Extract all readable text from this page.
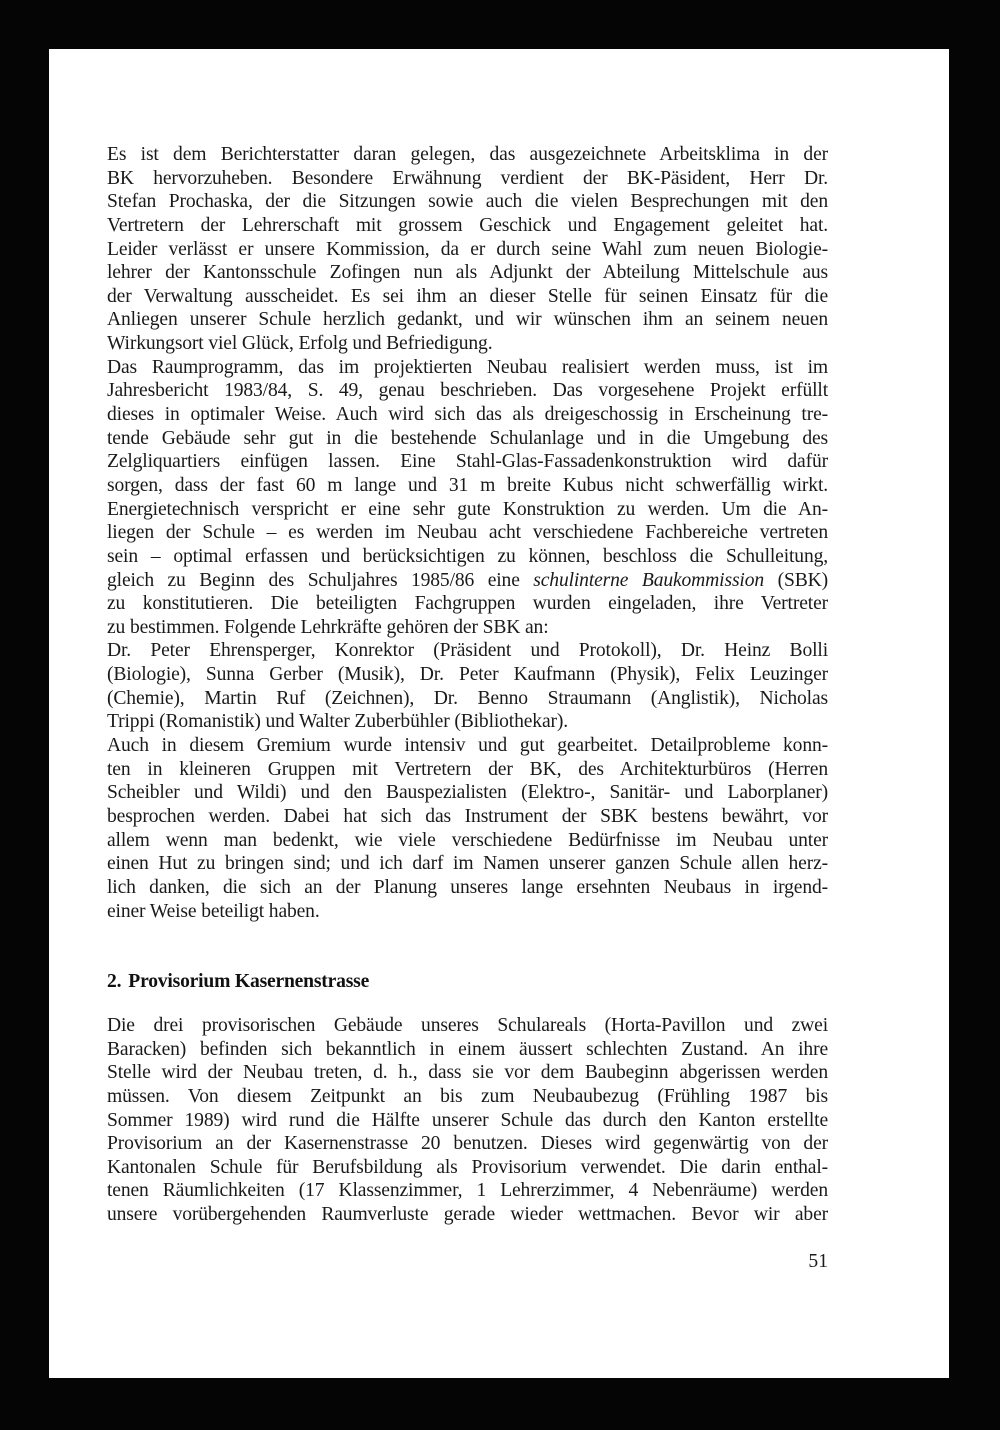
Es ist dem Berichterstatter daran gelegen, das ausgezeichnete Arbeitsklima in der
BK hervorzuheben. Besondere Erwähnung verdient der BK-Päsident, Herr Dr.
Stefan Prochaska, der die Sitzungen sowie auch die vielen Besprechungen mit den
Vertretern der Lehrerschaft mit grossem Geschick und Engagement geleitet hat.
Leider verlässt er unsere Kommission, da er durch seine Wahl zum neuen Biologie-
lehrer der Kantonsschule Zofingen nun als Adjunkt der Abteilung Mittelschule aus
der Verwaltung ausscheidet. Es sei ihm an dieser Stelle für seinen Einsatz für die
Anliegen unserer Schule herzlich gedankt, und wir wünschen ihm an seinem neuen
Wirkungsort viel Glück, Erfolg und Befriedigung.
Das Raumprogramm, das im projektierten Neubau realisiert werden muss, ist im
Jahresbericht 1983/84, S. 49, genau beschrieben. Das vorgesehene Projekt erfüllt
dieses in optimaler Weise. Auch wird sich das als dreigeschossig in Erscheinung tre-
tende Gebäude sehr gut in die bestehende Schulanlage und in die Umgebung des
Zelgliquartiers einfügen lassen. Eine Stahl-Glas-Fassadenkonstruktion wird dafür
sorgen, dass der fast 60 m lange und 31 m breite Kubus nicht schwerfällig wirkt.
Energietechnisch verspricht er eine sehr gute Konstruktion zu werden. Um die An-
liegen der Schule – es werden im Neubau acht verschiedene Fachbereiche vertreten
sein – optimal erfassen und berücksichtigen zu können, beschloss die Schulleitung,
gleich zu Beginn des Schuljahres 1985/86 eine schulinterne Baukommission (SBK)
zu konstitutieren. Die beteiligten Fachgruppen wurden eingeladen, ihre Vertreter
zu bestimmen. Folgende Lehrkräfte gehören der SBK an:
Dr. Peter Ehrensperger, Konrektor (Präsident und Protokoll), Dr. Heinz Bolli
(Biologie), Sunna Gerber (Musik), Dr. Peter Kaufmann (Physik), Felix Leuzinger
(Chemie), Martin Ruf (Zeichnen), Dr. Benno Straumann (Anglistik), Nicholas
Trippi (Romanistik) und Walter Zuberbühler (Bibliothekar).
Auch in diesem Gremium wurde intensiv und gut gearbeitet. Detailprobleme konn-
ten in kleineren Gruppen mit Vertretern der BK, des Architekturbüros (Herren
Scheibler und Wildi) und den Bauspezialisten (Elektro-, Sanitär- und Laborplaner)
besprochen werden. Dabei hat sich das Instrument der SBK bestens bewährt, vor
allem wenn man bedenkt, wie viele verschiedene Bedürfnisse im Neubau unter
einen Hut zu bringen sind; und ich darf im Namen unserer ganzen Schule allen herz-
lich danken, die sich an der Planung unseres lange ersehnten Neubaus in irgend-
einer Weise beteiligt haben.
2. Provisorium Kasernenstrasse
Die drei provisorischen Gebäude unseres Schulareals (Horta-Pavillon und zwei
Baracken) befinden sich bekanntlich in einem äussert schlechten Zustand. An ihre
Stelle wird der Neubau treten, d. h., dass sie vor dem Baubeginn abgerissen werden
müssen. Von diesem Zeitpunkt an bis zum Neubaubezug (Frühling 1987 bis
Sommer 1989) wird rund die Hälfte unserer Schule das durch den Kanton erstellte
Provisorium an der Kasernenstrasse 20 benutzen. Dieses wird gegenwärtig von der
Kantonalen Schule für Berufsbildung als Provisorium verwendet. Die darin enthal-
tenen Räumlichkeiten (17 Klassenzimmer, 1 Lehrerzimmer, 4 Nebenräume) werden
unsere vorübergehenden Raumverluste gerade wieder wettmachen. Bevor wir aber
51
